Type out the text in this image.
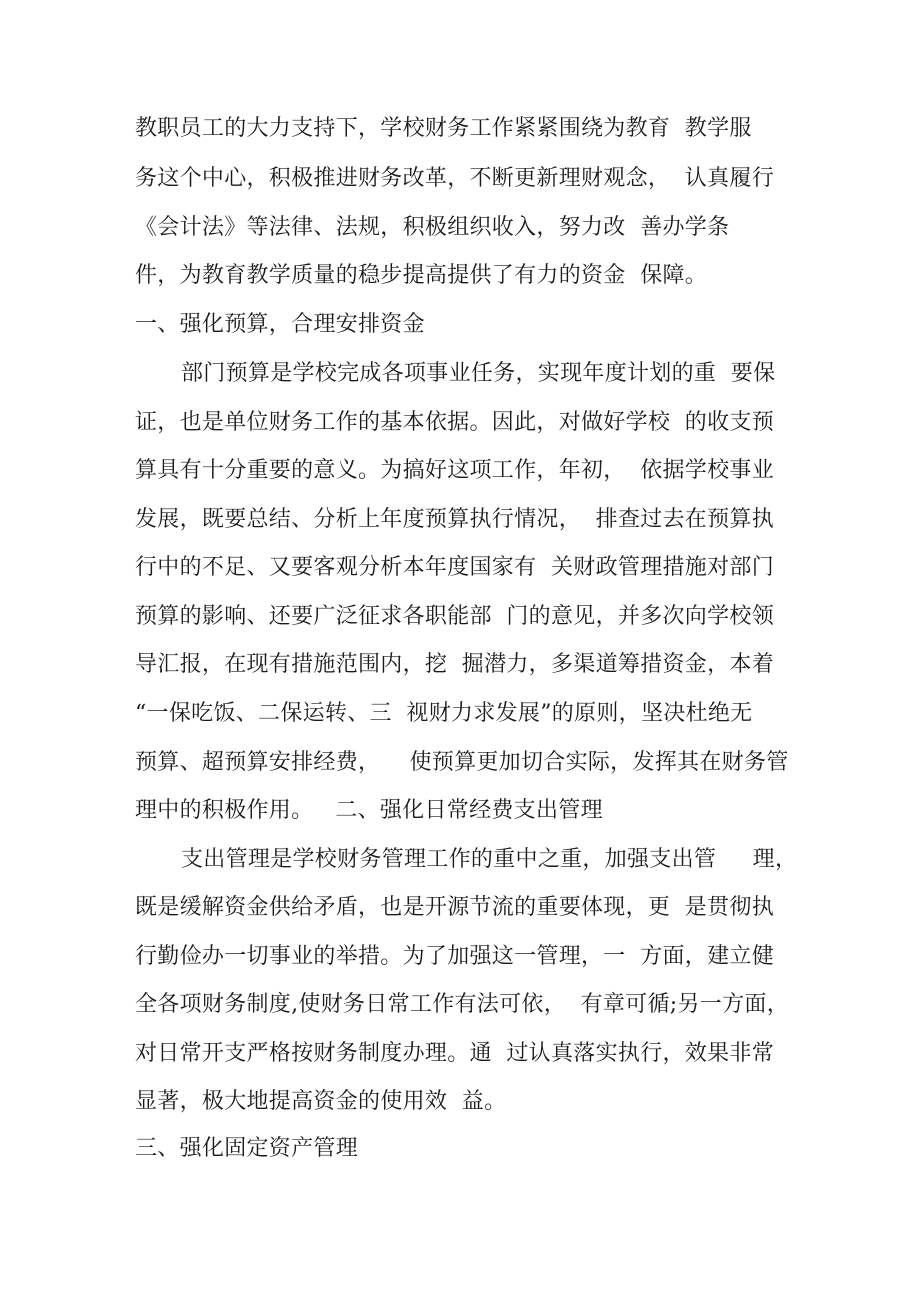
教职员工的大力支持下，学校财务工作紧紧围绕为教育  教学服
务这个中心，积极推进财务改革，不断更新理财观念，  认真履行
《会计法》等法律、法规，积极组织收入，努力改  善办学条
件，为教育教学质量的稳步提高提供了有力的资金  保障。
一、强化预算，合理安排资金
部门预算是学校完成各项事业任务，实现年度计划的重  要保
证，也是单位财务工作的基本依据。因此，对做好学校  的收支预
算具有十分重要的意义。为搞好这项工作，年初，  依据学校事业
发展，既要总结、分析上年度预算执行情况，  排查过去在预算执
行中的不足、又要客观分析本年度国家有  关财政管理措施对部门
预算的影响、还要广泛征求各职能部  门的意见，并多次向学校领
导汇报，在现有措施范围内，挖  掘潜力，多渠道筹措资金，本着
“一保吃饭、二保运转、三  视财力求发展”的原则，坚决杜绝无
预算、超预算安排经费，    使预算更加切合实际，发挥其在财务管
理中的积极作用。   二、强化日常经费支出管理
支出管理是学校财务管理工作的重中之重，加强支出管     理，
既是缓解资金供给矛盾，也是开源节流的重要体现，更  是贯彻执
行勤俭办一切事业的举措。为了加强这一管理，一  方面，建立健
全各项财务制度,使财务日常工作有法可依，  有章可循;另一方面，
对日常开支严格按财务制度办理。通  过认真落实执行，效果非常
显著，极大地提高资金的使用效  益。
三、强化固定资产管理
